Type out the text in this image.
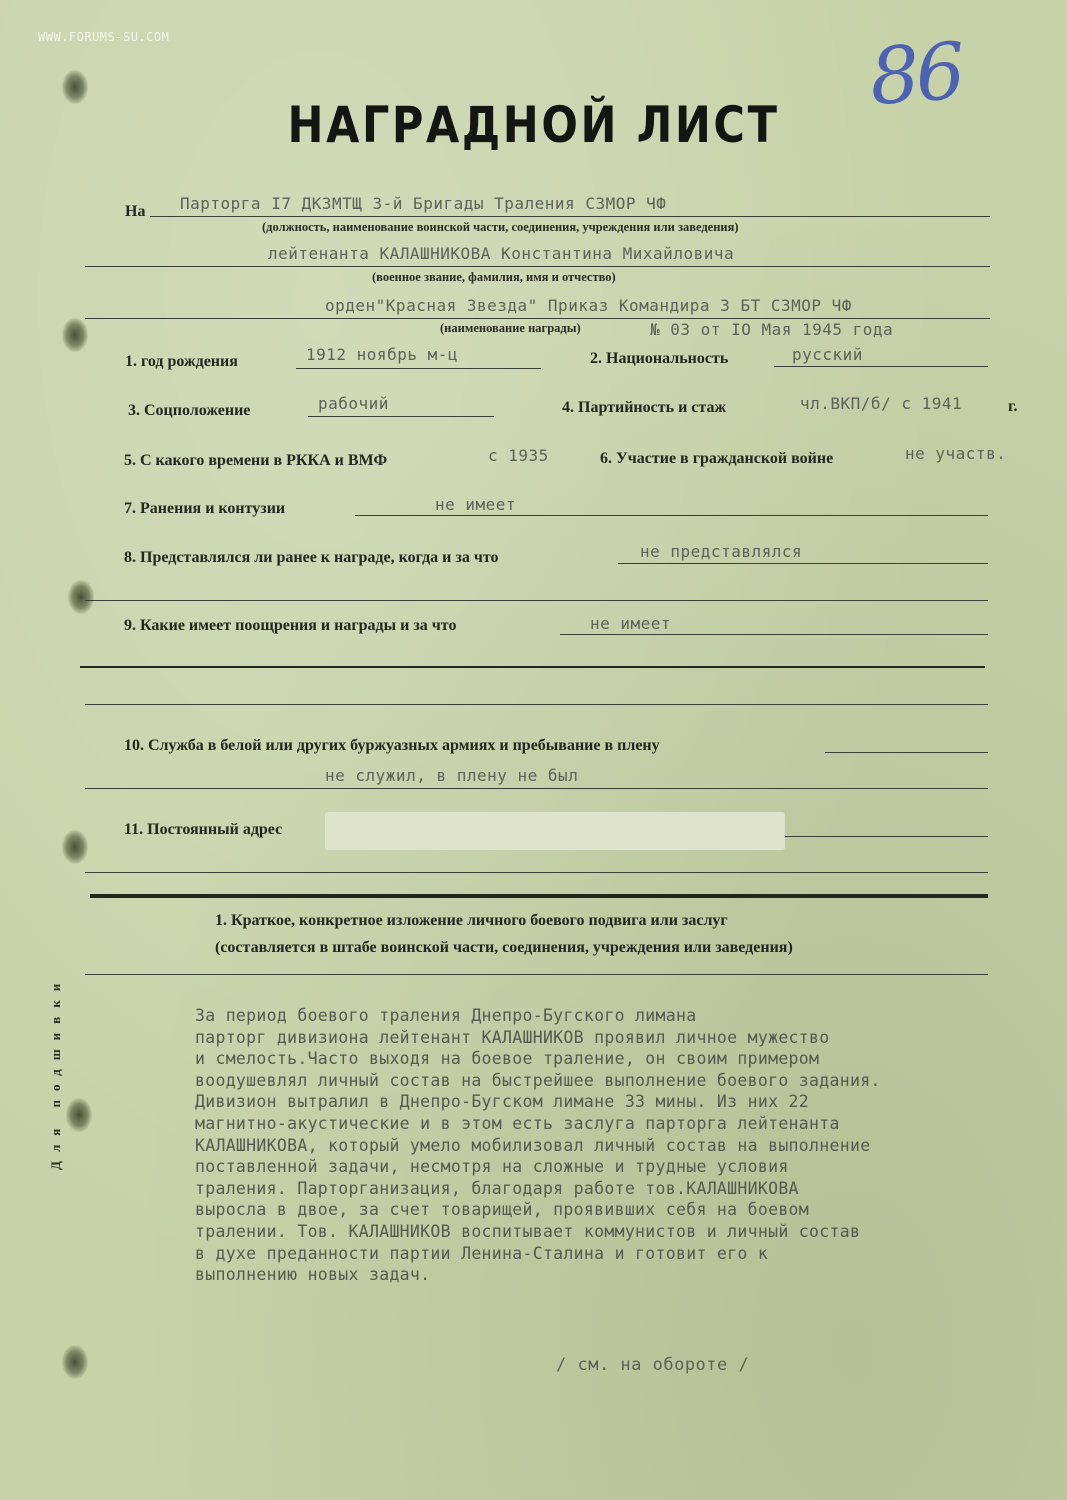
WWW.FORUMS-SU.COM	86
НАГРАДНОЙ ЛИСТ
На Парторга I7 ДКЗМТЩ 3-й Бригады Траления СЗМОР ЧФ
(должность, наименование воинской части, соединения, учреждения или заведения)
лейтенанта КАЛАШНИКОВА Константина Михайловича
(военное звание, фамилия, имя и отчество)
орден"Красная Звезда" Приказ Командира 3 БТ СЗМОР ЧФ
(наименование награды)	№ 03 от IO Мая 1945 года
1. год рождения	1912 ноябрь м-ц	2. Национальность	русский
3. Соцположение	рабочий	4. Партийность и стаж	чл.ВКП/б/ с 1941	г.
5. С какого времени в РККА и ВМФ	с 1935	6. Участие в гражданской войне	не участв.
7. Ранения и контузии	не имеет
8. Представлялся ли ранее к награде, когда и за что	не представлялся
9. Какие имеет поощрения и награды и за что	не имеет
10. Служба в белой или других буржуазных армиях и пребывание в плену
не служил, в плену не был
11. Постоянный адрес
1. Краткое, конкретное изложение личного боевого подвига или заслуг
(составляется в штабе воинской части, соединения, учреждения или заведения)
За период боевого траления Днепро-Бугского лимана
парторг дивизиона лейтенант КАЛАШНИКОВ проявил личное мужество
и смелость.Часто выходя на боевое траление, он своим примером
воодушевлял личный состав на быстрейшее выполнение боевого задания.
Дивизион вытралил в Днепро-Бугском лимане 33 мины. Из них 22
магнитно-акустические и в этом есть заслуга парторга лейтенанта
КАЛАШНИКОВА, который умело мобилизовал личный состав на выполнение
поставленной задачи, несмотря на сложные и трудные условия
траления. Парторганизация, благодаря работе тов.КАЛАШНИКОВА
выросла в двое, за счет товарищей, проявивших себя на боевом
тралении. Тов. КАЛАШНИКОВ воспитывает коммунистов и личный состав
в духе преданности партии Ленина-Сталина и готовит его к
выполнению новых задач.
/ см. на обороте /
Для подшивки
